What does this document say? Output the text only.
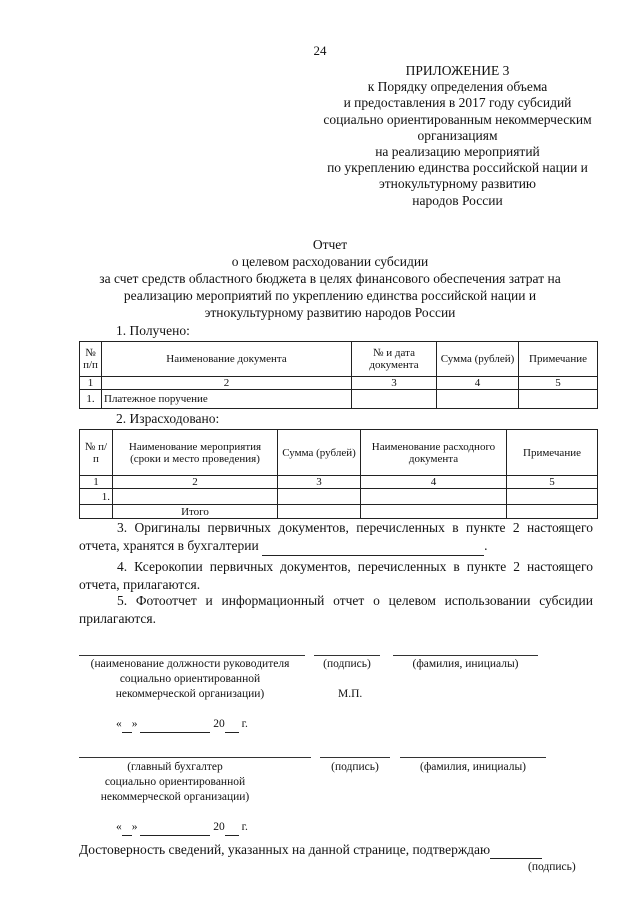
24
ПРИЛОЖЕНИЕ 3
к Порядку определения объема
и предоставления в 2017 году субсидий
социально ориентированным некоммерческим
организациям
на реализацию мероприятий
по укреплению единства российской нации и
этнокультурному развитию
народов России
Отчет
о целевом расходовании субсидии
за счет средств областного бюджета в целях финансового обеспечения затрат на
реализацию мероприятий по укреплению единства российской нации и
этнокультурному развитию народов России
1. Получено:
№ п/п	Наименование документа	№ и дата документа	Сумма (рублей)	Примечание
1	2	3	4	5
1.	Платежное поручение			
2. Израсходовано:
№ п/п	Наименование мероприятия (сроки и место проведения)	Сумма (рублей)	Наименование расходного документа	Примечание
1	2	3	4	5
1.				
	Итого			
3. Оригиналы первичных документов, перечисленных в пункте 2 настоящего отчета, хранятся в бухгалтерии	.
4. Ксерокопии первичных документов, перечисленных в пункте 2 настоящего отчета, прилагаются.
5. Фотоотчет и информационный отчет о целевом использовании субсидии прилагаются.
(наименование должности руководителя
социально ориентированной
некоммерческой организации)
(подпись)	(фамилия, инициалы)
М.П.
« »	20 г.
(главный бухгалтер
социально ориентированной
некоммерческой организации)
(подпись)	(фамилия, инициалы)
« »	20 г.
Достоверность сведений, указанных на данной странице, подтверждаю
(подпись)
